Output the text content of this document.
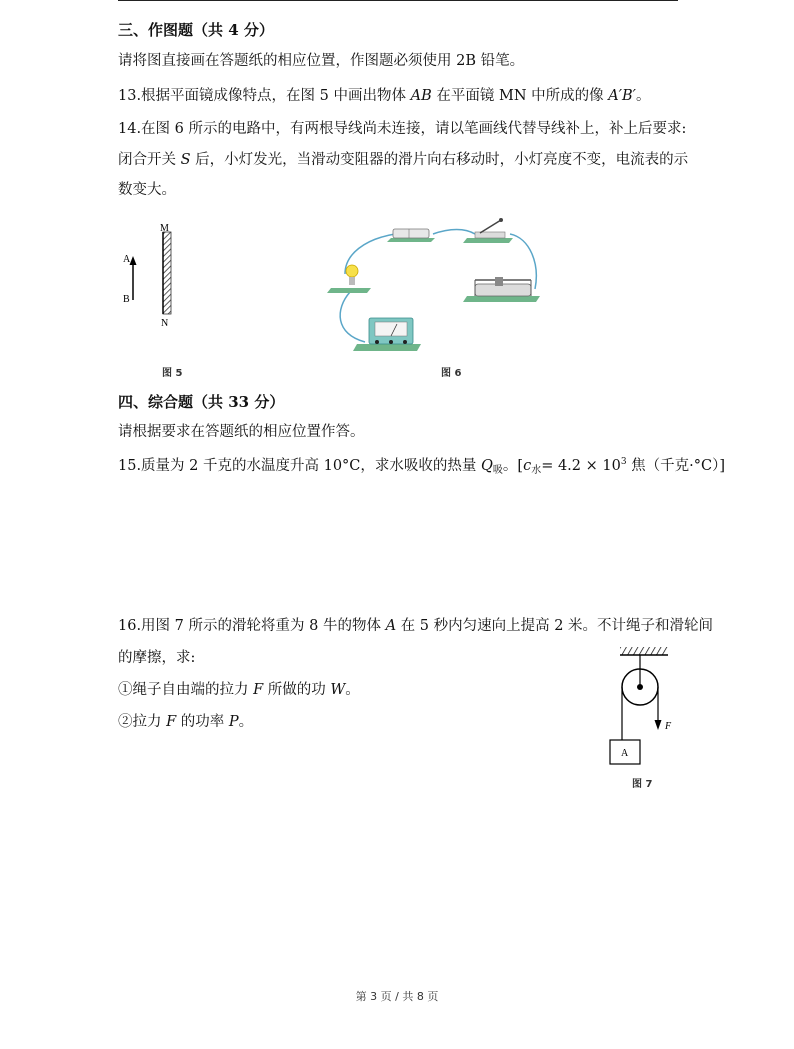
三、作图题（共 4 分）
请将图直接画在答题纸的相应位置，作图题必须使用 2B 铅笔。
13.根据平面镜成像特点，在图 5 中画出物体 AB 在平面镜 MN 中所成的像 A′B′。
14.在图 6 所示的电路中，有两根导线尚未连接，请以笔画线代替导线补上，补上后要求:
闭合开关 S 后，小灯发光，当滑动变阻器的滑片向右移动时，小灯亮度不变，电流表的示
数变大。
M
N
A
B
图 5	图 6
四、综合题（共 33 分）
请根据要求在答题纸的相应位置作答。
15.质量为 2 千克的水温度升高 10°C，求水吸收的热量 $Q_吸$。[$c_水= 4.2 \times 10^3$ 焦（千克·°C）]
16.用图 7 所示的滑轮将重为 8 牛的物体 A 在 5 秒内匀速向上提高 2 米。不计绳子和滑轮间
的摩擦，求:
①绳子自由端的拉力 F 所做的功 W。
②拉力 F 的功率 P。	F
A
图 7
第 3 页 / 共 8 页
